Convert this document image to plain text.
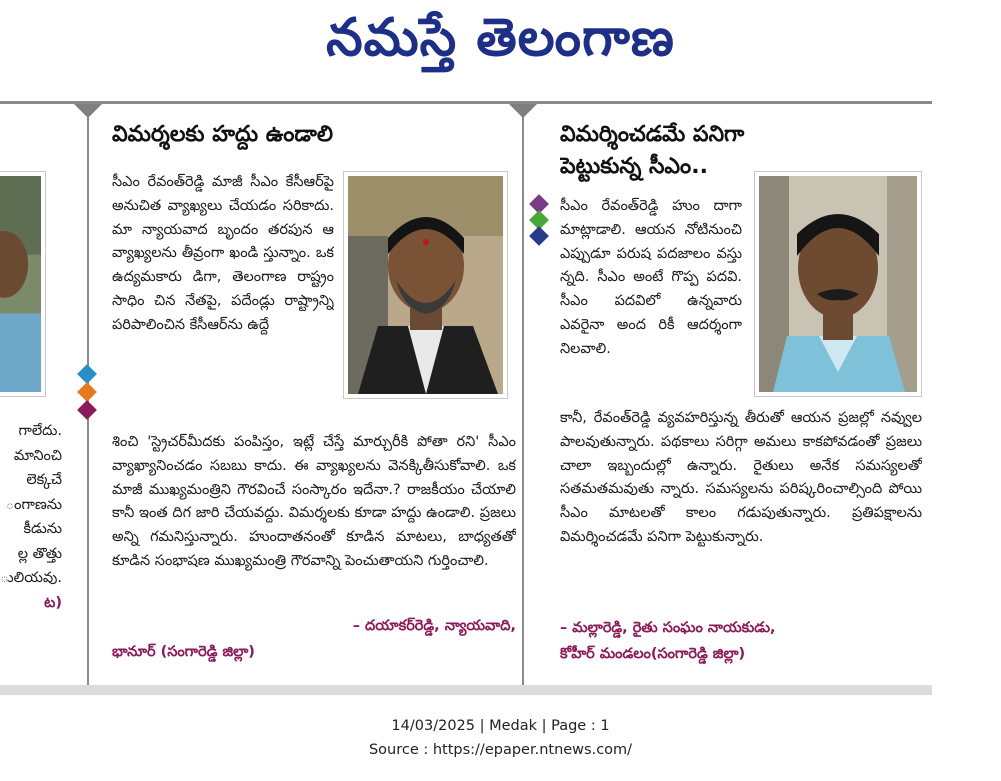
నమస్తే తెలంగాణ
గాలేదు.
మానించి
లెక్కచే
ంగాణను
కీడును
ల్ల తొత్తు
ులియవు.
ట)

విమర్శలకు హద్దు ఉండాలి

సీఎం రేవంత్‌రెడ్డి మాజీ సీఎం కేసీఆర్‌పై అనుచిత వ్యాఖ్యలు చేయడం సరికాదు. మా న్యాయవాద బృందం తరపున ఆ వ్యాఖ్యలను తీవ్రంగా ఖండి స్తున్నాం. ఒక ఉద్యమకారు డిగా, తెలంగాణ రాష్ట్రం సాధిం చిన నేతపై, పదేండ్లు రాష్ట్రాన్ని పరిపాలించిన కేసీఆర్‌ను ఉద్దే

శించి 'స్ట్రెచర్‌మీదకు పంపిస్తం, ఇట్లే చేస్తే మార్చురీకి పోతా రని' సీఎం వ్యాఖ్యానించడం సబబు కాదు. ఈ వ్యాఖ్యలను వెనక్కితీసుకోవాలి. ఒక మాజీ ముఖ్యమంత్రిని గౌరవించే సంస్కారం ఇదేనా.? రాజకీయం చేయాలి కానీ ఇంత దిగ జారి చేయవద్దు. విమర్శలకు కూడా హద్దు ఉండాలి. ప్రజలు అన్ని గమనిస్తున్నారు. హుందాతనంతో కూడిన మాటలు, బాధ్యతతో కూడిన సంభాషణ ముఖ్యమంత్రి గౌరవాన్ని పెంచుతాయని గుర్తించాలి.

– దయాకర్‌రెడ్డి, న్యాయవాది,

భానూర్ (సంగారెడ్డి జిల్లా)

విమర్శించడమే పనిగా

పెట్టుకున్న సీఎం..

సీఎం రేవంత్‌రెడ్డి హుం దాగా మాట్లాడాలి. ఆయన నోటినుంచి ఎప్పుడూ పరుష పదజాలం వస్తు న్నది. సీఎం అంటే గొప్ప పదవి. సీఎం పదవిలో ఉన్నవారు ఎవరైనా అంద రికీ ఆదర్శంగా నిలవాలి.

కానీ, రేవంత్‌రెడ్డి వ్యవహరిస్తున్న తీరుతో ఆయన ప్రజల్లో నవ్వుల పాలవుతున్నారు. పథకాలు సరిగ్గా అమలు కాకపోవడంతో ప్రజలు చాలా ఇబ్బందుల్లో ఉన్నారు. రైతులు అనేక సమస్యలతో సతమతమవుతు న్నారు. సమస్యలను పరిష్కరించాల్సింది పోయి సీఎం మాటలతో కాలం గడుపుతున్నారు. ప్రతిపక్షాలను విమర్శించడమే పనిగా పెట్టుకున్నారు.

– మల్లారెడ్డి, రైతు సంఘం నాయకుడు,

కోహీర్ మండలం(సంగారెడ్డి జిల్లా)

14/03/2025 | Medak | Page : 1
Source : https://epaper.ntnews.com/
